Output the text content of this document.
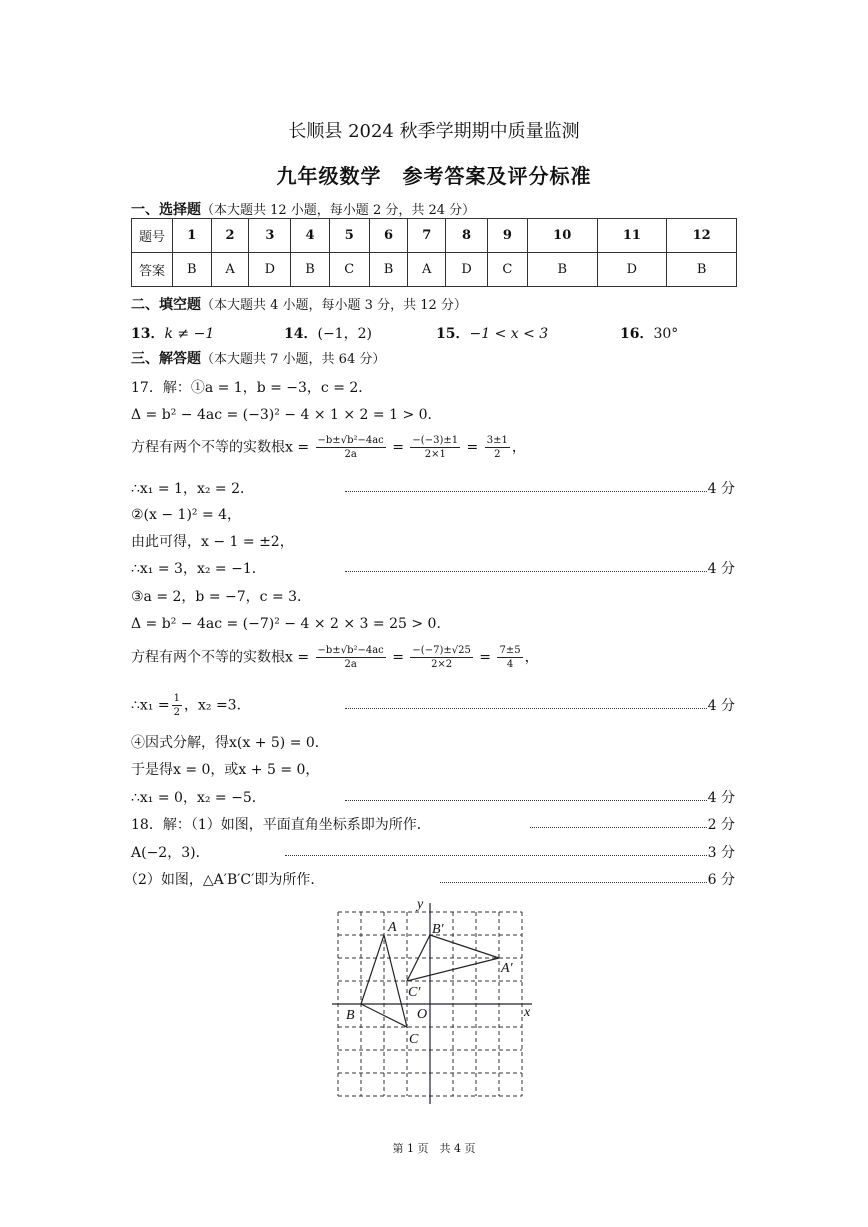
长顺县 2024 秋季学期期中质量监测
九年级数学　参考答案及评分标准
一、选择题（本大题共 12 小题，每小题 2 分，共 24 分）
题号	1	2	3	4	5	6	7	8	9	10	11	12
答案	B	A	D	B	C	B	A	D	C	B	D	B
二、填空题（本大题共 4 小题，每小题 3 分，共 12 分）
13．k ≠ −1	14．(−1，2)	15．−1 < x < 3	16．30°
三、解答题（本大题共 7 小题，共 64 分）
17．解：①a = 1，b = −3，c = 2．
Δ = b² − 4ac = (−3)² − 4 × 1 × 2 = 1 > 0．
方程有两个不等的实数根$x = \frac{\text{−b±√b²−4ac}}{2a} = \frac{-(-3)\pm 1}{2\times 1} = \frac{3\pm 1}{2}$ ，
∴x₁ = 1，x₂ = 2．	4 分
②(x − 1)² = 4，
由此可得，x − 1 = ±2，
∴x₁ = 3，x₂ = −1．	4 分
③a = 2，b = −7，c = 3．
Δ = b² − 4ac = (−7)² − 4 × 2 × 3 = 25 > 0．
方程有两个不等的实数根$x = \frac{\text{−b±√b²−4ac}}{2a} = \frac{-(-7)\pm√25}{2\times 2} = \frac{7\pm 5}{4}$ ，
∴x₁ = $\frac{1}{2}$ ，x₂ =3．	4 分
④因式分解，得x(x + 5) = 0．
于是得x = 0，或x + 5 = 0，
∴x₁ = 0，x₂ = −5．	4 分
18．解：（1）如图，平面直角坐标系即为所作．	2 分
A(−2，3)．	3 分
（2）如图，△A′B′C′即为所作．	6 分
A
B
C
A′
B′
C′
O	x
y
第 1 页　共 4 页
